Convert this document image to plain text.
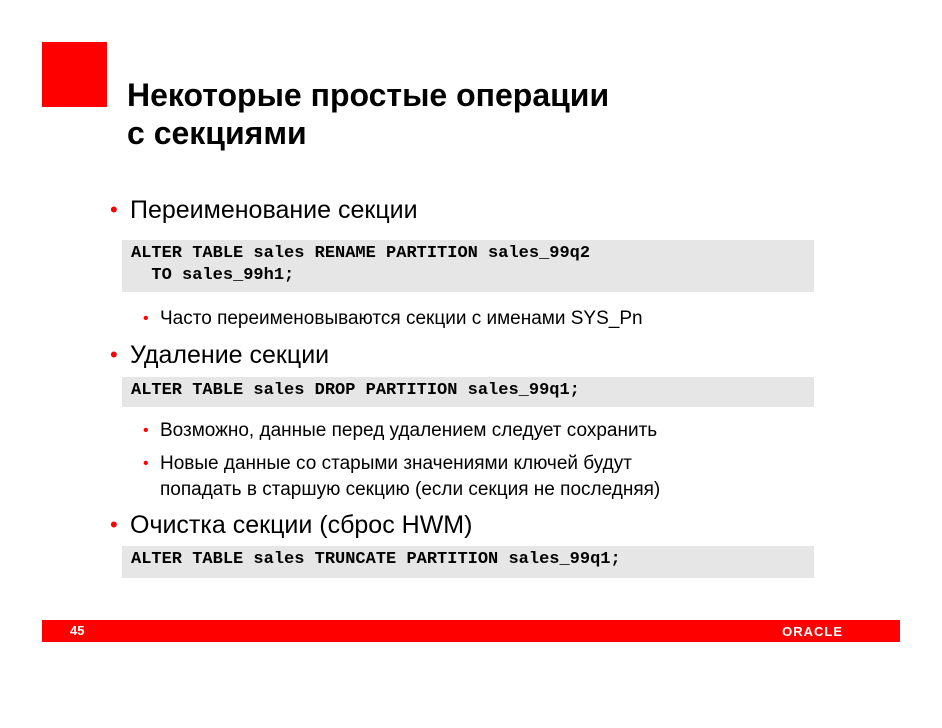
Некоторые простые операции
с секциями
• Переименование секции
ALTER TABLE sales RENAME PARTITION sales_99q2
TO sales_99h1;
• Часто переименовываются секции с именами SYS_Pn
• Удаление секции
ALTER TABLE sales DROP PARTITION sales_99q1;
• Возможно, данные перед удалением следует сохранить
• Новые данные со старыми значениями ключей будут
попадать в старшую секцию (если секция не последняя)
• Очистка секции (сброс HWM)
ALTER TABLE sales TRUNCATE PARTITION sales_99q1;
45	ORACLE
